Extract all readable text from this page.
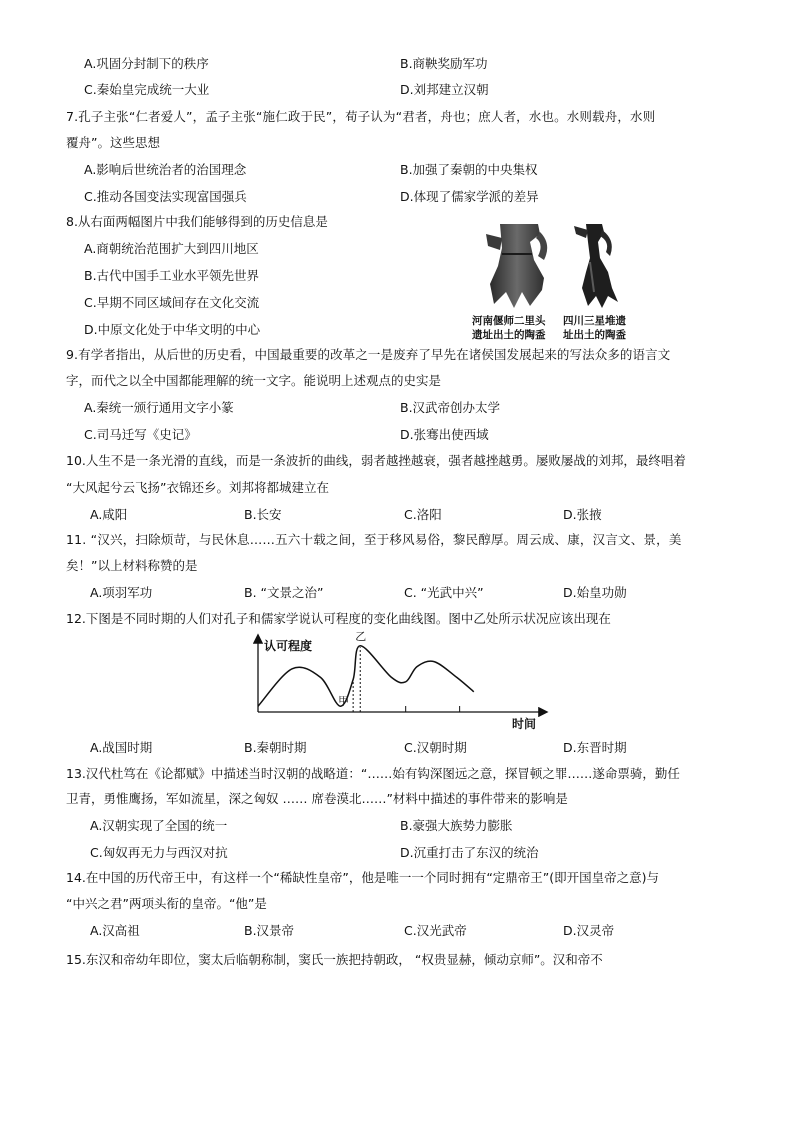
A.巩固分封制下的秩序	B.商鞅奖励军功
C.秦始皇完成统一大业	D.刘邦建立汉朝
7.孔子主张“仁者爱人”，孟子主张“施仁政于民”，荀子认为“君者，舟也；庶人者，水也。水则载舟，水则
覆舟”。这些思想
A.影响后世统治者的治国理念	B.加强了秦朝的中央集权
C.推动各国变法实现富国强兵	D.体现了儒家学派的差异
8.从右面两幅图片中我们能够得到的历史信息是
A.商朝统治范围扩大到四川地区
B.古代中国手工业水平领先世界
C.早期不同区域间存在文化交流
D.中原文化处于中华文明的中心
河南偃师二里头
遗址出土的陶盉
四川三星堆遗
址出土的陶盉
9.有学者指出，从后世的历史看，中国最重要的改革之一是废弃了早先在诸侯国发展起来的写法众多的语言文
字，而代之以全中国都能理解的统一文字。能说明上述观点的史实是
A.秦统一颁行通用文字小篆	B.汉武帝创办太学
C.司马迁写《史记》	D.张骞出使西域
10.人生不是一条光滑的直线，而是一条波折的曲线，弱者越挫越衰，强者越挫越勇。屡败屡战的刘邦，最终唱着
“大风起兮云飞扬”衣锦还乡。刘邦将都城建立在
A.咸阳	B.长安	C.洛阳	D.张掖
11. “汉兴，扫除烦苛，与民休息……五六十载之间，至于移风易俗，黎民醇厚。周云成、康，汉言文、景，美
矣！”以上材料称赞的是
A.项羽军功	B. “文景之治”	C. “光武中兴”	D.始皇功勋
12.下图是不同时期的人们对孔子和儒家学说认可程度的变化曲线图。图中乙处所示状况应该出现在
认可程度
时间
甲
乙
A.战国时期	B.秦朝时期	C.汉朝时期	D.东晋时期
13.汉代杜笃在《论都赋》中描述当时汉朝的战略道：“……始有钩深图远之意，探冒顿之罪……遂命票骑，勤任
卫青，勇惟鹰扬，军如流星，深之匈奴 …… 席卷漠北……”材料中描述的事件带来的影响是
A.汉朝实现了全国的统一	B.豪强大族势力膨胀
C.匈奴再无力与西汉对抗	D.沉重打击了东汉的统治
14.在中国的历代帝王中，有这样一个“稀缺性皇帝”，他是唯一一个同时拥有“定鼎帝王”(即开国皇帝之意)与
“中兴之君”两项头衔的皇帝。“他”是
A.汉高祖	B.汉景帝	C.汉光武帝	D.汉灵帝
15.东汉和帝幼年即位，窦太后临朝称制，窦氏一族把持朝政， “权贵显赫，倾动京师”。汉和帝不
